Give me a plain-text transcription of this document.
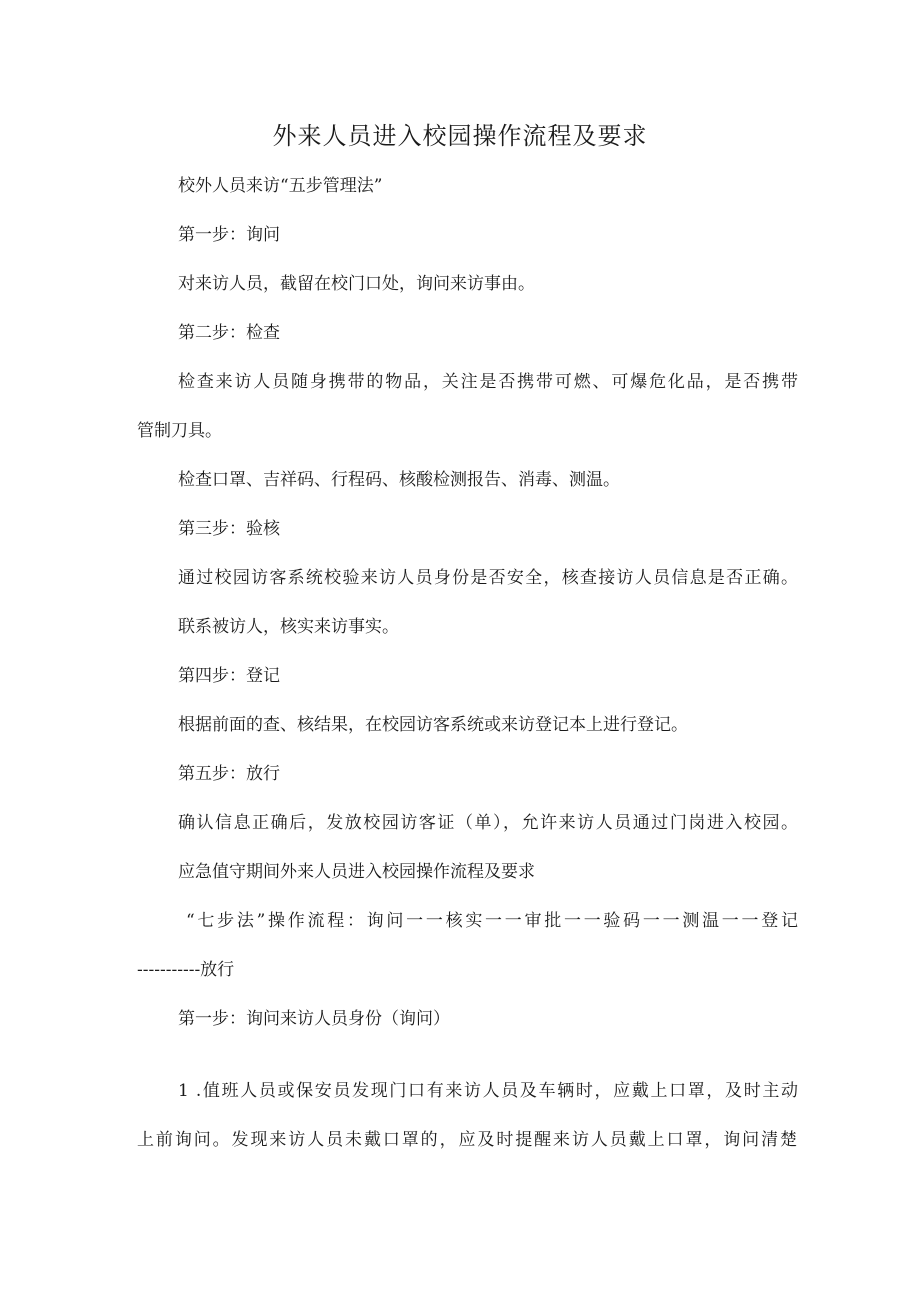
外来人员进入校园操作流程及要求
校外人员来访“五步管理法”
第一步：询问
对来访人员，截留在校门口处，询问来访事由。
第二步：检查
检查来访人员随身携带的物品，关注是否携带可燃、可爆危化品，是否携带
管制刀具。
检查口罩、吉祥码、行程码、核酸检测报告、消毒、测温。
第三步：验核
通过校园访客系统校验来访人员身份是否安全，核查接访人员信息是否正确。
联系被访人，核实来访事实。
第四步：登记
根据前面的查、核结果，在校园访客系统或来访登记本上进行登记。
第五步：放行
确认信息正确后，发放校园访客证（单），允许来访人员通过门岗进入校园。
应急值守期间外来人员进入校园操作流程及要求
“七步法”操作流程：询问一一核实一一审批一一验码一一测温一一登记
-----------放行
第一步：询问来访人员身份（询问）
1 .值班人员或保安员发现门口有来访人员及车辆时，应戴上口罩，及时主动
上前询问。发现来访人员未戴口罩的，应及时提醒来访人员戴上口罩，询问清楚
